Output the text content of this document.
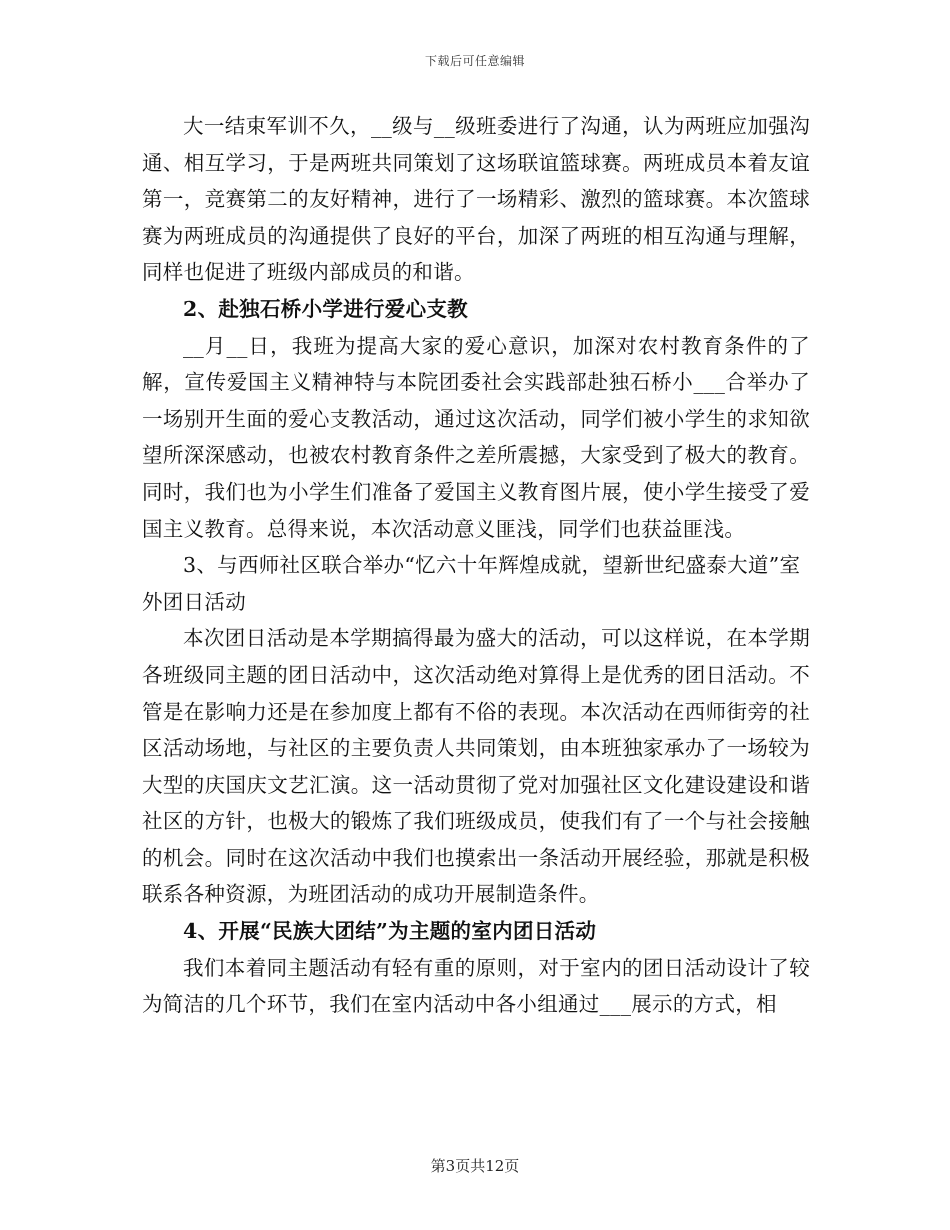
下载后可任意编辑

大一结束军训不久，__级与__级班委进行了沟通，认为两班应加强沟通、相互学习，于是两班共同策划了这场联谊篮球赛。两班成员本着友谊第一，竞赛第二的友好精神，进行了一场精彩、激烈的篮球赛。本次篮球赛为两班成员的沟通提供了良好的平台，加深了两班的相互沟通与理解，同样也促进了班级内部成员的和谐。

2、赴独石桥小学进行爱心支教

__月__日，我班为提高大家的爱心意识，加深对农村教育条件的了解，宣传爱国主义精神特与本院团委社会实践部赴独石桥小___合举办了一场别开生面的爱心支教活动，通过这次活动，同学们被小学生的求知欲望所深深感动，也被农村教育条件之差所震撼，大家受到了极大的教育。同时，我们也为小学生们准备了爱国主义教育图片展，使小学生接受了爱国主义教育。总得来说，本次活动意义匪浅，同学们也获益匪浅。

3、与西师社区联合举办“忆六十年辉煌成就，望新世纪盛泰大道”室外团日活动

本次团日活动是本学期搞得最为盛大的活动，可以这样说，在本学期各班级同主题的团日活动中，这次活动绝对算得上是优秀的团日活动。不管是在影响力还是在参加度上都有不俗的表现。本次活动在西师街旁的社区活动场地，与社区的主要负责人共同策划，由本班独家承办了一场较为大型的庆国庆文艺汇演。这一活动贯彻了党对加强社区文化建设建设和谐社区的方针，也极大的锻炼了我们班级成员，使我们有了一个与社会接触的机会。同时在这次活动中我们也摸索出一条活动开展经验，那就是积极联系各种资源，为班团活动的成功开展制造条件。

4、开展“民族大团结”为主题的室内团日活动

我们本着同主题活动有轻有重的原则，对于室内的团日活动设计了较为简洁的几个环节，我们在室内活动中各小组通过___展示的方式，相

第3页共12页
